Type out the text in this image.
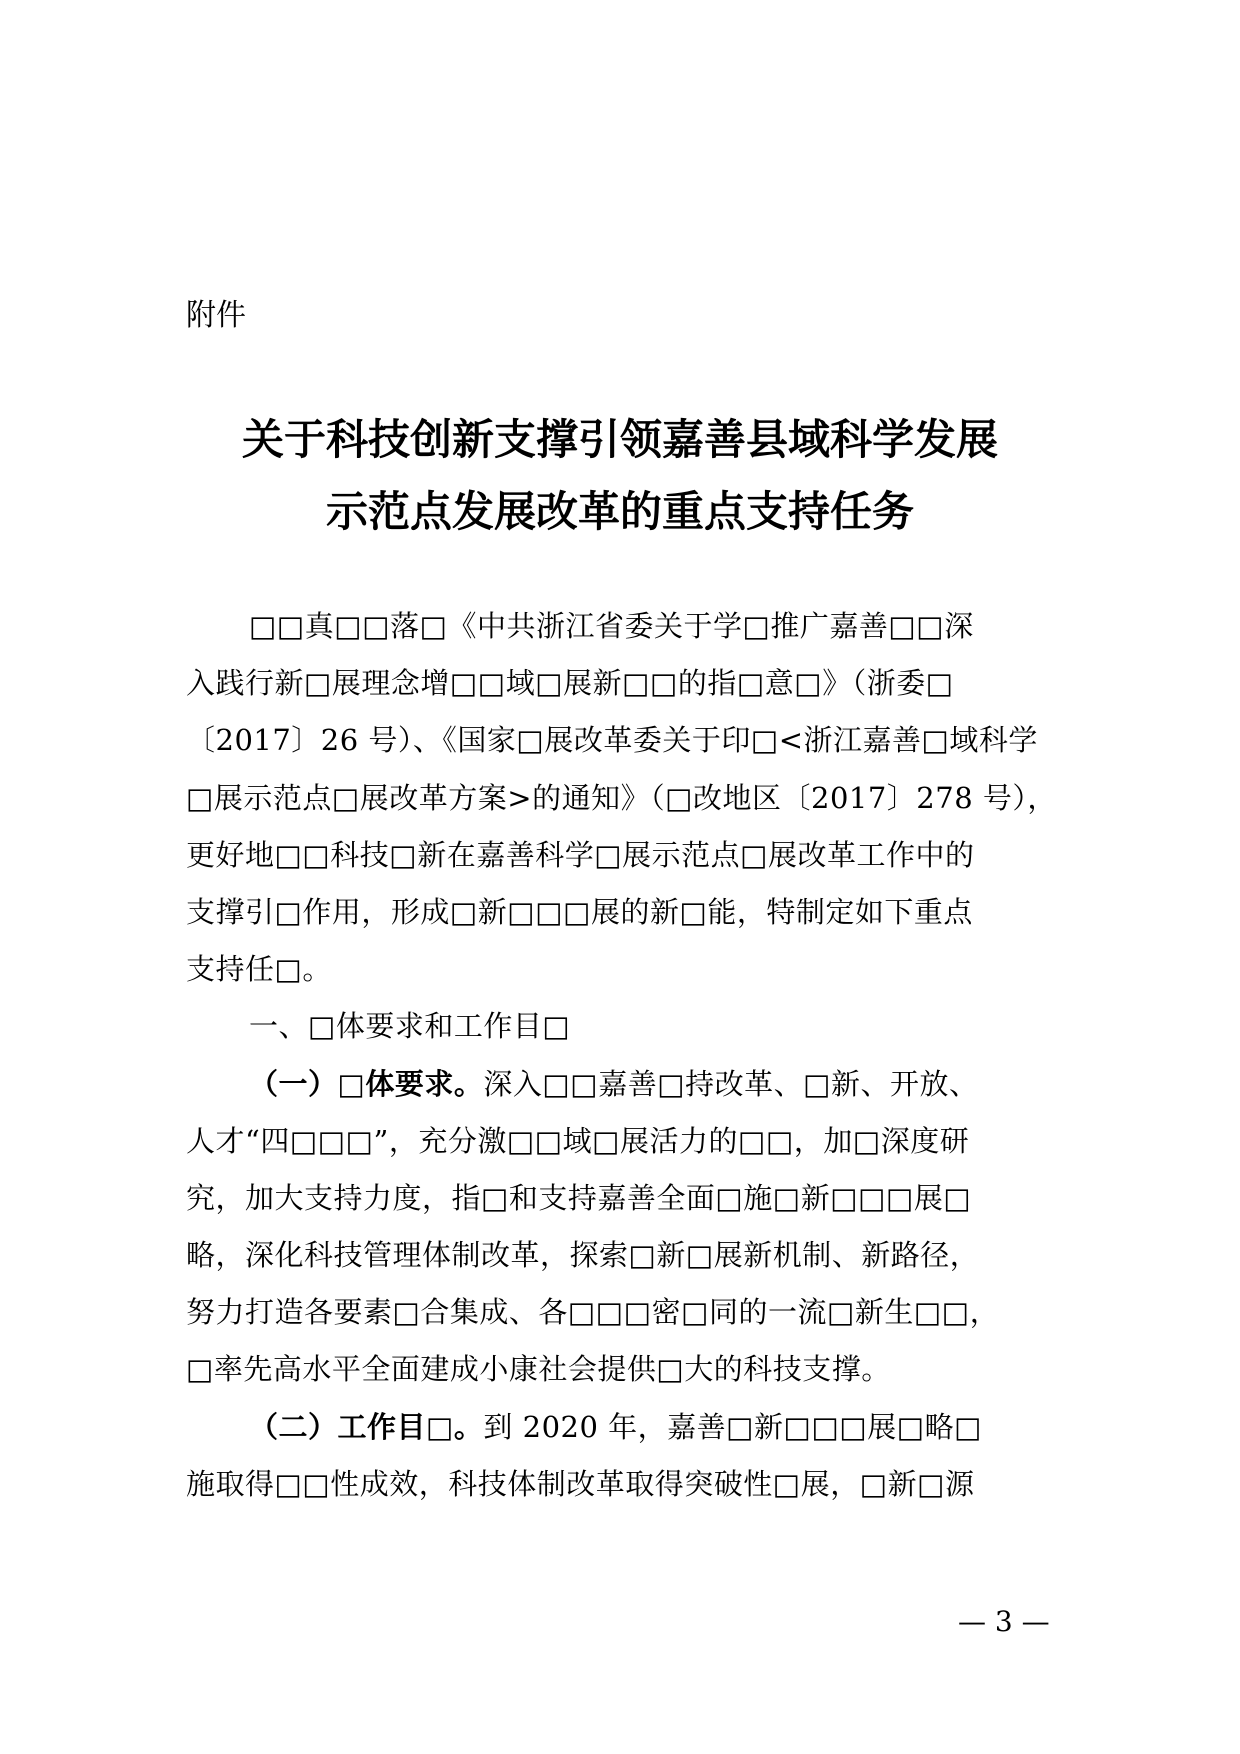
附件

关于科技创新支撑引领嘉善县域科学发展
示范点发展改革的重点支持任务

□□真□□落□《中共浙江省委关于学□推广嘉善□□深

入践行新□展理念增□□域□展新□□的指□意□》（浙委□

〔2017〕26 号）、《国家□展改革委关于印□<浙江嘉善□域科学

□展示范点□展改革方案>的通知》（□改地区〔2017〕278 号），

更好地□□科技□新在嘉善科学□展示范点□展改革工作中的

支撑引□作用，形成□新□□□展的新□能，特制定如下重点

支持任□。

一、□体要求和工作目□

（一）□体要求。深入□□嘉善□持改革、□新、开放、

人才“四□□□”，充分激□□域□展活力的□□，加□深度研

究，加大支持力度，指□和支持嘉善全面□施□新□□□展□

略，深化科技管理体制改革，探索□新□展新机制、新路径，

努力打造各要素□合集成、各□□□密□同的一流□新生□□，

□率先高水平全面建成小康社会提供□大的科技支撑。

（二）工作目□。到 2020 年，嘉善□新□□□展□略□

施取得□□性成效，科技体制改革取得突破性□展，□新□源

— 3 —
